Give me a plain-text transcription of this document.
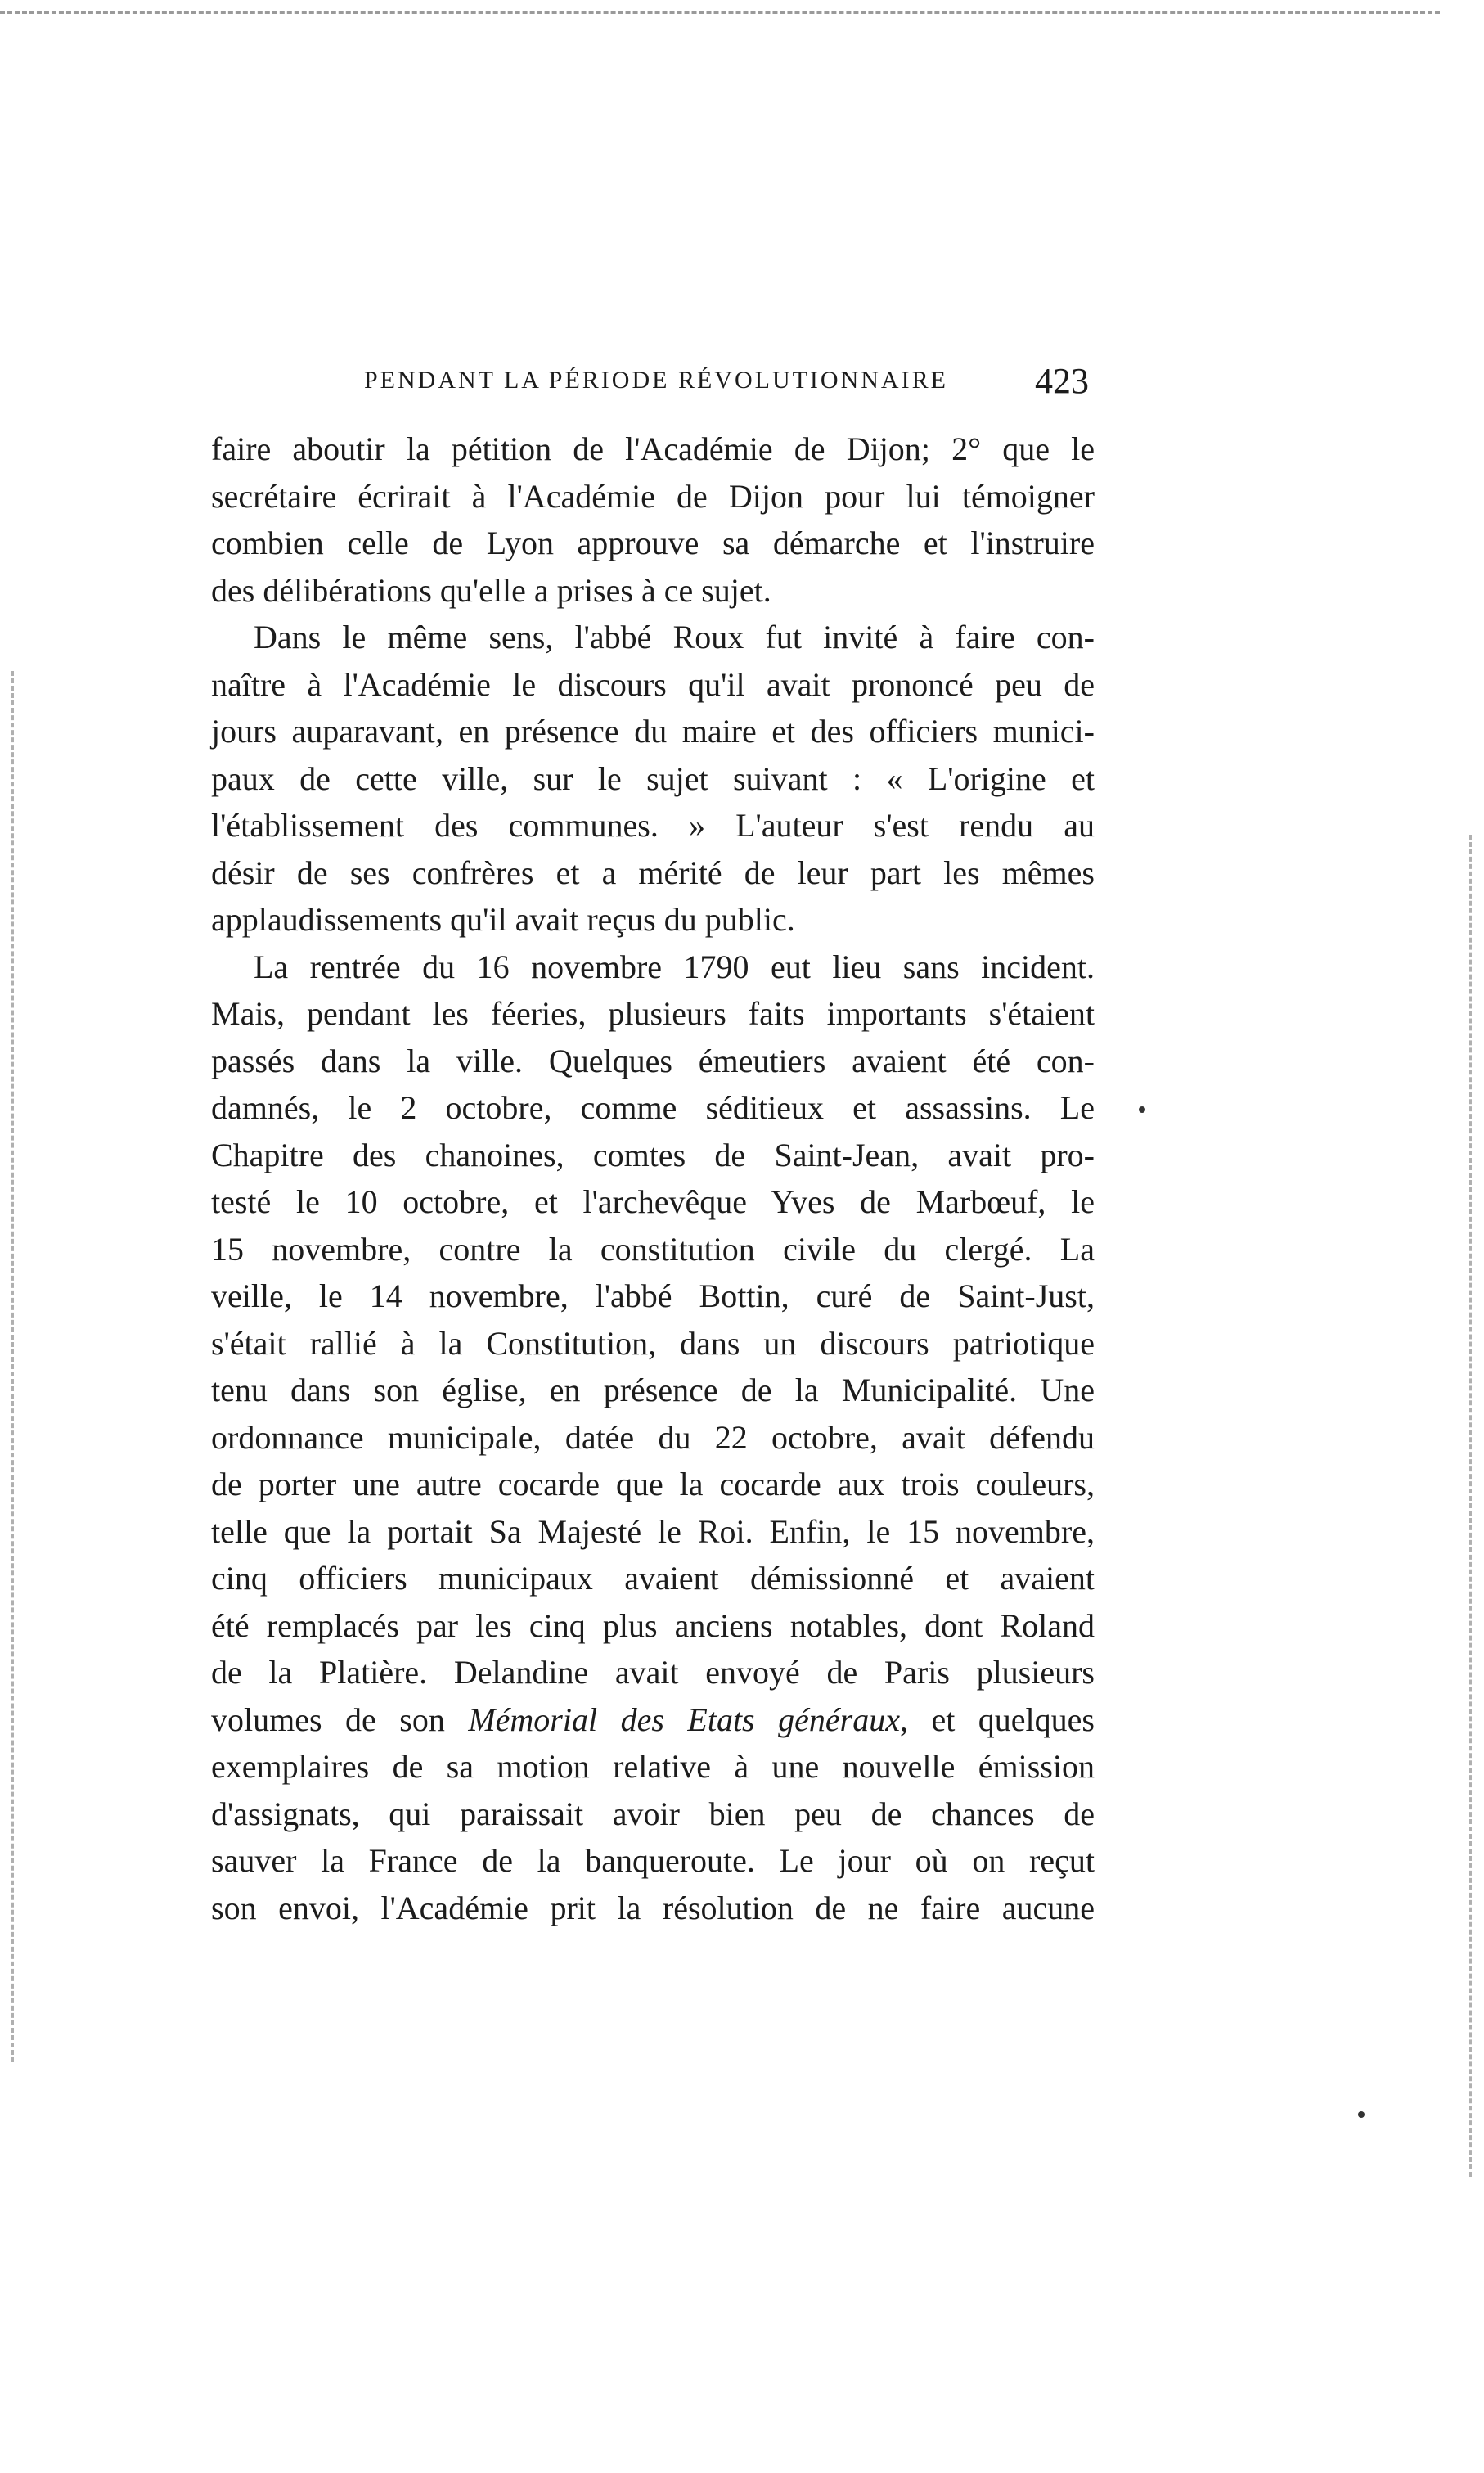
PENDANT LA PÉRIODE RÉVOLUTIONNAIRE 423
faire aboutir la pétition de l'Académie de Dijon; 2° que le
secrétaire écrirait à l'Académie de Dijon pour lui témoigner
combien celle de Lyon approuve sa démarche et l'instruire
des délibérations qu'elle a prises à ce sujet.
Dans le même sens, l'abbé Roux fut invité à faire con-
naître à l'Académie le discours qu'il avait prononcé peu de
jours auparavant, en présence du maire et des officiers munici-
paux de cette ville, sur le sujet suivant : « L'origine et
l'établissement des communes. » L'auteur s'est rendu au
désir de ses confrères et a mérité de leur part les mêmes
applaudissements qu'il avait reçus du public.
La rentrée du 16 novembre 1790 eut lieu sans incident.
Mais, pendant les féeries, plusieurs faits importants s'étaient
passés dans la ville. Quelques émeutiers avaient été con-
damnés, le 2 octobre, comme séditieux et assassins. Le
Chapitre des chanoines, comtes de Saint-Jean, avait pro-
testé le 10 octobre, et l'archevêque Yves de Marbœuf, le
15 novembre, contre la constitution civile du clergé. La
veille, le 14 novembre, l'abbé Bottin, curé de Saint-Just,
s'était rallié à la Constitution, dans un discours patriotique
tenu dans son église, en présence de la Municipalité. Une
ordonnance municipale, datée du 22 octobre, avait défendu
de porter une autre cocarde que la cocarde aux trois couleurs,
telle que la portait Sa Majesté le Roi. Enfin, le 15 novembre,
cinq officiers municipaux avaient démissionné et avaient
été remplacés par les cinq plus anciens notables, dont Roland
de la Platière. Delandine avait envoyé de Paris plusieurs
volumes de son Mémorial des Etats généraux, et quelques
exemplaires de sa motion relative à une nouvelle émission
d'assignats, qui paraissait avoir bien peu de chances de
sauver la France de la banqueroute. Le jour où on reçut
son envoi, l'Académie prit la résolution de ne faire aucune
